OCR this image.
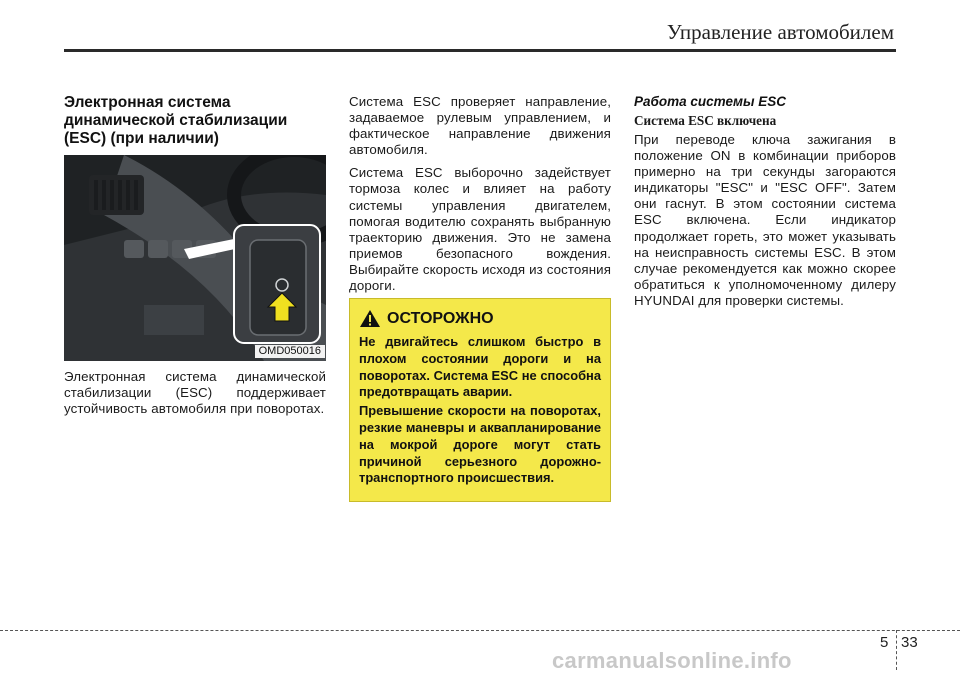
Управление автомобилем
Электронная система динамической стабилизации (ESC) (при наличии)
OMD050016

Электронная система динамической стабилизации (ESC) поддерживает устойчивость автомобиля при поворотах.

Система ESC проверяет направление, задаваемое рулевым управлением, и фактическое направление движения автомобиля.

Система ESC выборочно задействует тормоза колес и влияет на работу системы управления двигателем, помогая водителю сохранять выбранную траекторию движения. Это не замена приемов безопасного вождения. Выбирайте скорость исходя из состояния дороги.

ОСТОРОЖНО

Не двигайтесь слишком быстро в плохом состоянии дороги и на поворотах. Система ESC не способна предотвращать аварии.

Превышение скорости на поворотах, резкие маневры и аквапланирование на мокрой дороге могут стать причиной серьезного дорожно-транспортного происшествия.

Работа системы ESC

Система ESC включена

При переводе ключа зажигания в положение ON в комбинации приборов примерно на три секунды загораются индикаторы "ESC" и "ESC OFF". Затем они гаснут. В этом состоянии система ESC включена. Если индикатор продолжает гореть, это может указывать на неисправность системы ESC. В этом случае рекомендуется как можно скорее обратиться к уполномоченному дилеру HYUNDAI для проверки системы.

5 33
carmanualsonline.info
